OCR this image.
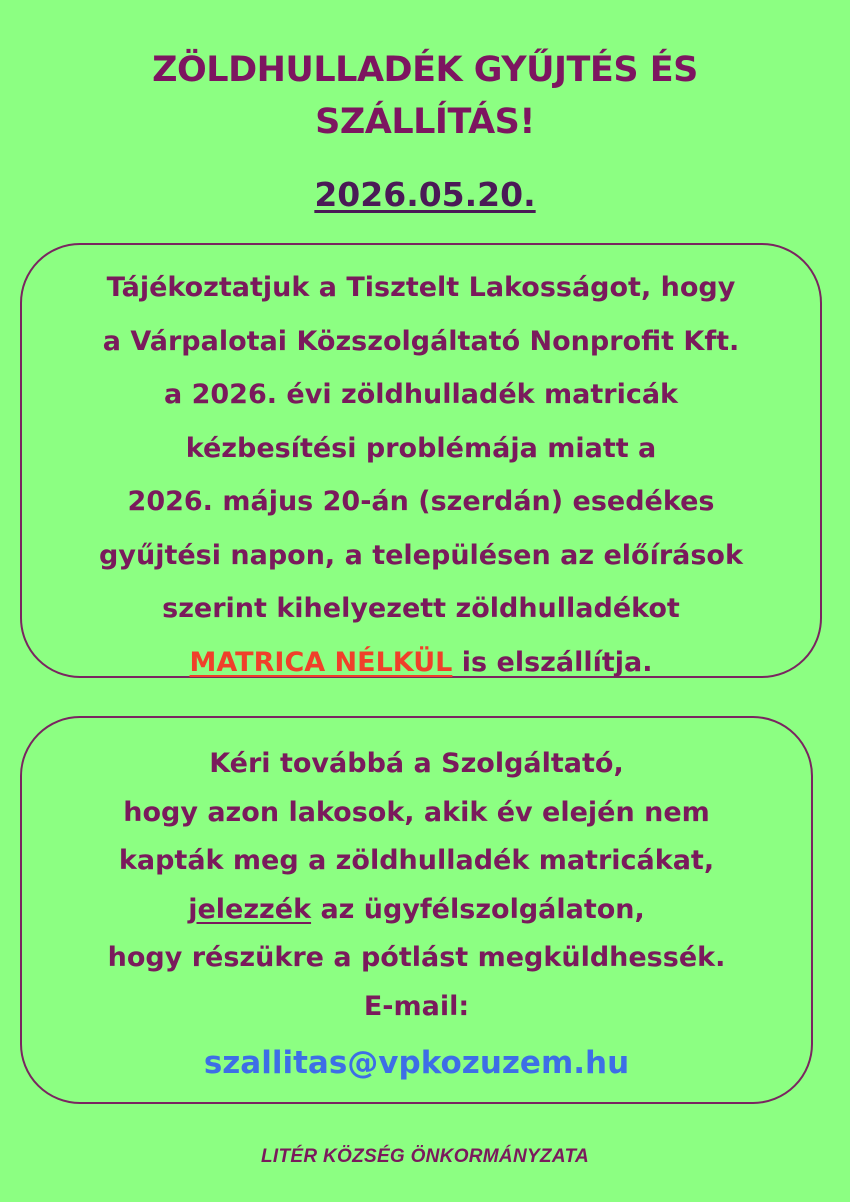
ZÖLDHULLADÉK GYŰJTÉS ÉS
SZÁLLÍTÁS!
2026.05.20.
Tájékoztatjuk a Tisztelt Lakosságot, hogy
a Várpalotai Közszolgáltató Nonprofit Kft.
a 2026. évi zöldhulladék matricák
kézbesítési problémája miatt a
2026. május 20-án (szerdán) esedékes
gyűjtési napon, a településen az előírások
szerint kihelyezett zöldhulladékot
MATRICA NÉLKÜL is elszállítja.
Kéri továbbá a Szolgáltató,
hogy azon lakosok, akik év elején nem
kapták meg a zöldhulladék matricákat,
jelezzék az ügyfélszolgálaton,
hogy részükre a pótlást megküldhessék.
E-mail:
szallitas@vpkozuzem.hu
LITÉR KÖZSÉG ÖNKORMÁNYZATA
